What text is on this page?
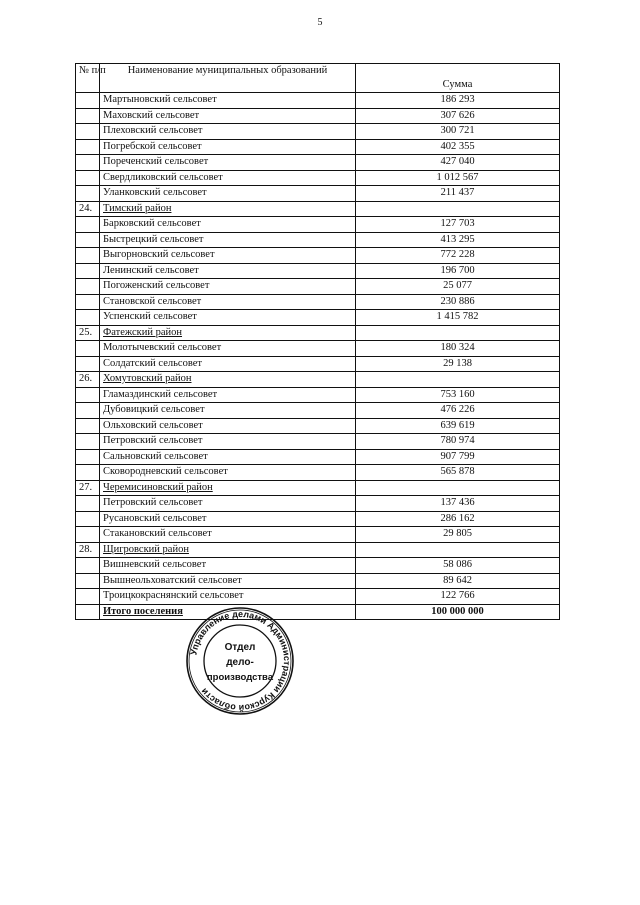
5
№ п/п	Наименование муниципальных образований	Сумма
	Мартыновский сельсовет	186 293
	Маховский сельсовет	307 626
	Плеховский сельсовет	300 721
	Погребской сельсовет	402 355
	Пореченский сельсовет	427 040
	Свердликовский сельсовет	1 012 567
	Уланковский сельсовет	211 437
24.	Тимский район	
	Барковский сельсовет	127 703
	Быстрецкий сельсовет	413 295
	Выгорновский сельсовет	772 228
	Ленинский сельсовет	196 700
	Погоженский сельсовет	25 077
	Становской сельсовет	230 886
	Успенский сельсовет	1 415 782
25.	Фатежский район	
	Молотычевский сельсовет	180 324
	Солдатский сельсовет	29 138
26.	Хомутовский район	
	Гламаздинский сельсовет	753 160
	Дубовицкий сельсовет	476 226
	Ольховский сельсовет	639 619
	Петровский сельсовет	780 974
	Сальновский сельсовет	907 799
	Сковородневский сельсовет	565 878
27.	Черемисиновский район	
	Петровский сельсовет	137 436
	Русановский сельсовет	286 162
	Стакановский сельсовет	29 805
28.	Щигровский район	
	Вишневский сельсовет	58 086
	Вышнеольховатский сельсовет	89 642
	Троицкокраснянский сельсовет	122 766
	Итого поселения	100 000 000
Управление делами Администрации Курской области
Отдел
дело-
производства
